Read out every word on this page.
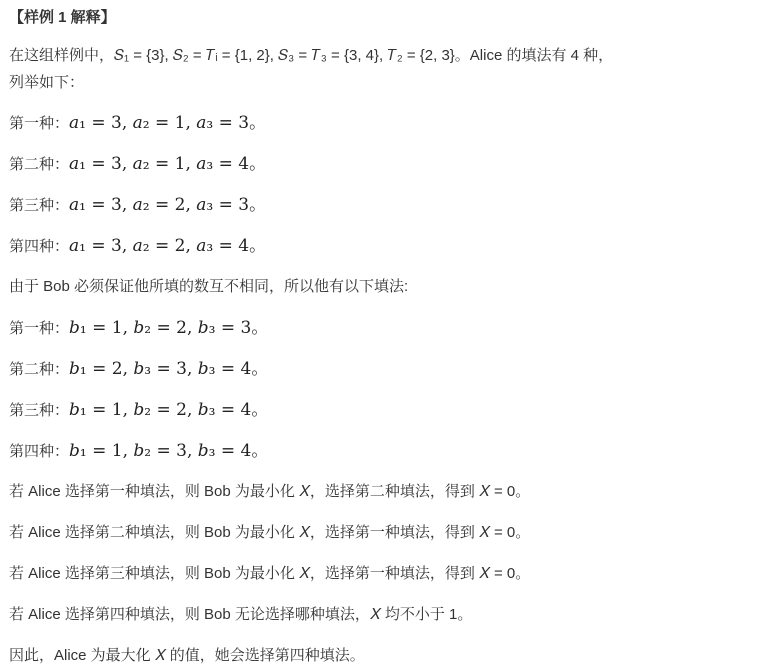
【样例 1 解释】
在这组样例中，𝑆₁ = {3}, 𝑆₂ = 𝑇ᵢ = {1, 2}, 𝑆₃ = 𝑇₃ = {3, 4}, 𝑇₂ = {2, 3}。Alice 的填法有 4 种，
列举如下：
第一种：𝑎₁ = 3, 𝑎₂ = 1, 𝑎₃ = 3。
第二种：𝑎₁ = 3, 𝑎₂ = 1, 𝑎₃ = 4。
第三种：𝑎₁ = 3, 𝑎₂ = 2, 𝑎₃ = 3。
第四种：𝑎₁ = 3, 𝑎₂ = 2, 𝑎₃ = 4。
由于 Bob 必须保证他所填的数互不相同，所以他有以下填法:
第一种：𝑏₁ = 1, 𝑏₂ = 2, 𝑏₃ = 3。
第二种：𝑏₁ = 2, 𝑏₃ = 3, 𝑏₃ = 4。
第三种：𝑏₁ = 1, 𝑏₂ = 2, 𝑏₃ = 4。
第四种：𝑏₁ = 1, 𝑏₂ = 3, 𝑏₃ = 4。
若 Alice 选择第一种填法，则 Bob 为最小化 𝑋，选择第二种填法，得到 𝑋 = 0。
若 Alice 选择第二种填法，则 Bob 为最小化 𝑋，选择第一种填法，得到 𝑋 = 0。
若 Alice 选择第三种填法，则 Bob 为最小化 𝑋，选择第一种填法，得到 𝑋 = 0。
若 Alice 选择第四种填法，则 Bob 无论选择哪种填法，𝑋 均不小于 1。
因此，Alice 为最大化 𝑋 的值，她会选择第四种填法。
